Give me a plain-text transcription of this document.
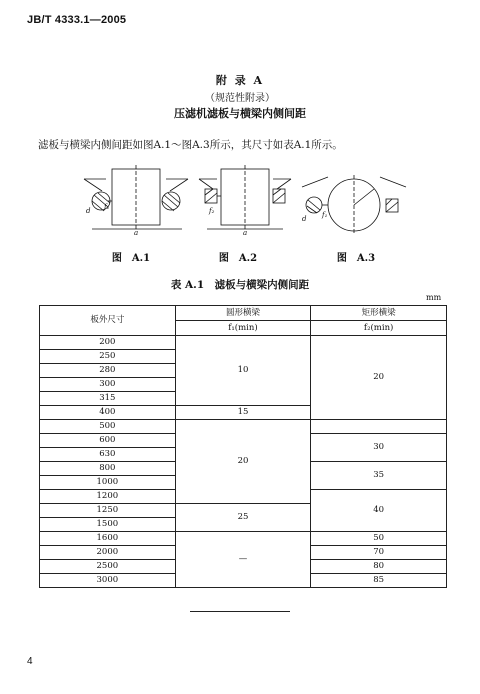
JB/T 4333.1—2005
附 录 A
（规范性附录）
压滤机滤板与横梁内侧间距
滤板与横梁内侧间距如图A.1～图A.3所示，其尺寸如表A.1所示。
f₁
d
a
f₂
a
f₁
d
图　A.1	图　A.2	图　A.3
表 A.1　滤板与横梁内侧间距
mm
板外尺寸	圆形横梁	矩形横梁
	f₁(min)	f₂(min)
200	10	20
250		
280		
300		
315		
400	15	
500	20	
600		30
630		
800		35
1000		
1200		40
1250	25	
1500		
1600	—	50
2000		70
2500		80
3000		85
4
